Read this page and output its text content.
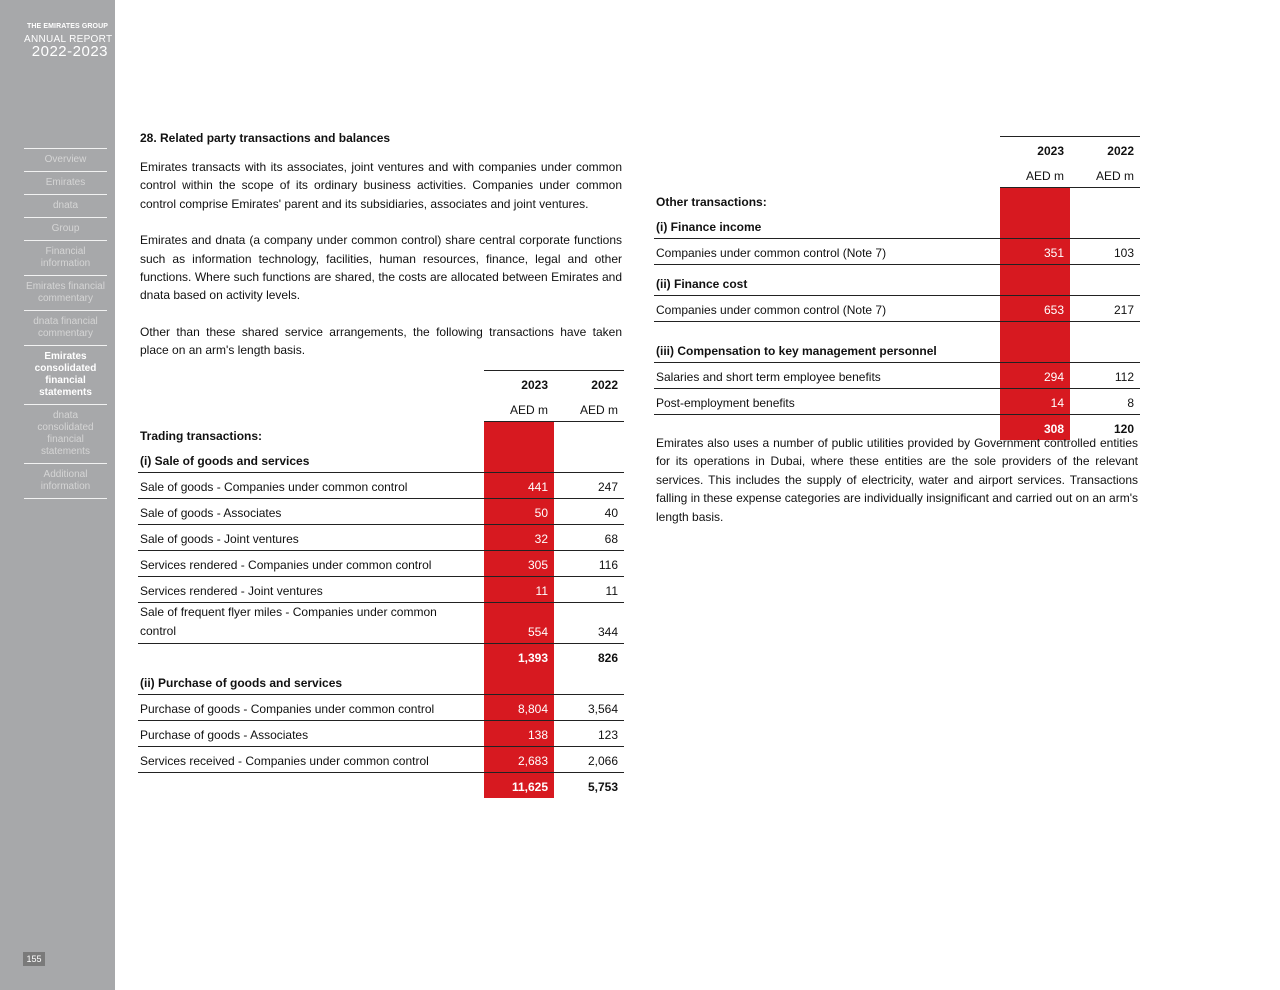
THE EMIRATES GROUP
ANNUAL REPORT
2022-2023
Overview
Emirates
dnata
Group
Financial information
Emirates financial commentary
dnata financial commentary
Emirates consolidated financial statements
dnata consolidated financial statements
Additional information
155
28. Related party transactions and balances

Emirates transacts with its associates, joint ventures and with companies under common control within the scope of its ordinary business activities. Companies under common control comprise Emirates' parent and its subsidiaries, associates and joint ventures.

Emirates and dnata (a company under common control) share central corporate functions such as information technology, facilities, human resources, finance, legal and other functions. Where such functions are shared, the costs are allocated between Emirates and dnata based on activity levels.

Other than these shared service arrangements, the following transactions have taken place on an arm's length basis.

	2023	2022
	AED m	AED m
Trading transactions:		
(i) Sale of goods and services		
Sale of goods - Companies under common control	441	247
Sale of goods - Associates	50	40
Sale of goods - Joint ventures	32	68
Services rendered - Companies under common control	305	116
Services rendered - Joint ventures	11	11
Sale of frequent flyer miles - Companies under common control	554	344
	1,393	826
(ii) Purchase of goods and services		
Purchase of goods - Companies under common control	8,804	3,564
Purchase of goods - Associates	138	123
Services received - Companies under common control	2,683	2,066
	11,625	5,753
	2023	2022
	AED m	AED m
Other transactions:		
(i) Finance income		
Companies under common control (Note 7)	351	103
(ii) Finance cost		
Companies under common control (Note 7)	653	217
(iii) Compensation to key management personnel		
Salaries and short term employee benefits	294	112
Post-employment benefits	14	8
	308	120
Emirates also uses a number of public utilities provided by Government controlled entities for its operations in Dubai, where these entities are the sole providers of the relevant services. This includes the supply of electricity, water and airport services. Transactions falling in these expense categories are individually insignificant and carried out on an arm's length basis.
